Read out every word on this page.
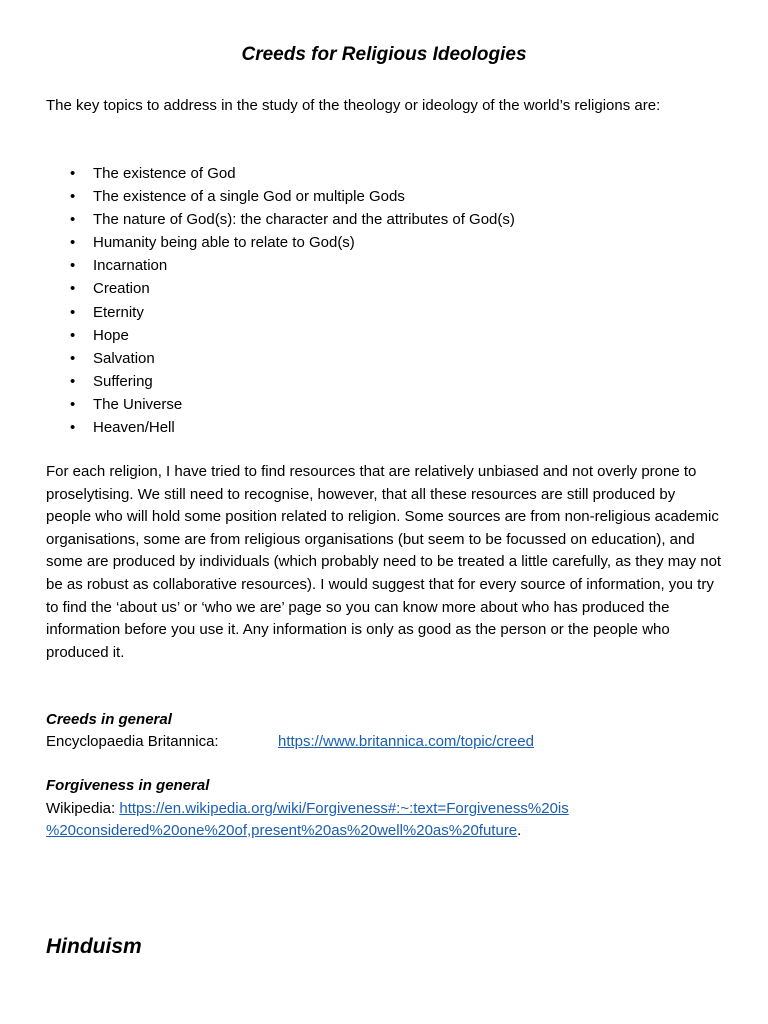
Creeds for Religious Ideologies

The key topics to address in the study of the theology or ideology of the world’s religions are:

• The existence of God
• The existence of a single God or multiple Gods
• The nature of God(s): the character and the attributes of God(s)
• Humanity being able to relate to God(s)
• Incarnation
• Creation
• Eternity
• Hope
• Salvation
• Suffering
• The Universe
• Heaven/Hell

For each religion, I have tried to find resources that are relatively unbiased and not overly prone to proselytising. We still need to recognise, however, that all these resources are still produced by people who will hold some position related to religion. Some sources are from non-religious academic organisations, some are from religious organisations (but seem to be focussed on education), and some are produced by individuals (which probably need to be treated a little carefully, as they may not be as robust as collaborative resources). I would suggest that for every source of information, you try to find the ‘about us’ or ‘who we are’ page so you can know more about who has produced the information before you use it. Any information is only as good as the person or the people who produced it.

Creeds in general

Encyclopaedia Britannica:	https://www.britannica.com/topic/creed

Forgiveness in general

Wikipedia: https://en.wikipedia.org/wiki/Forgiveness#:~:text=Forgiveness%20is
%20considered%20one%20of,present%20as%20well%20as%20future.

Hinduism
